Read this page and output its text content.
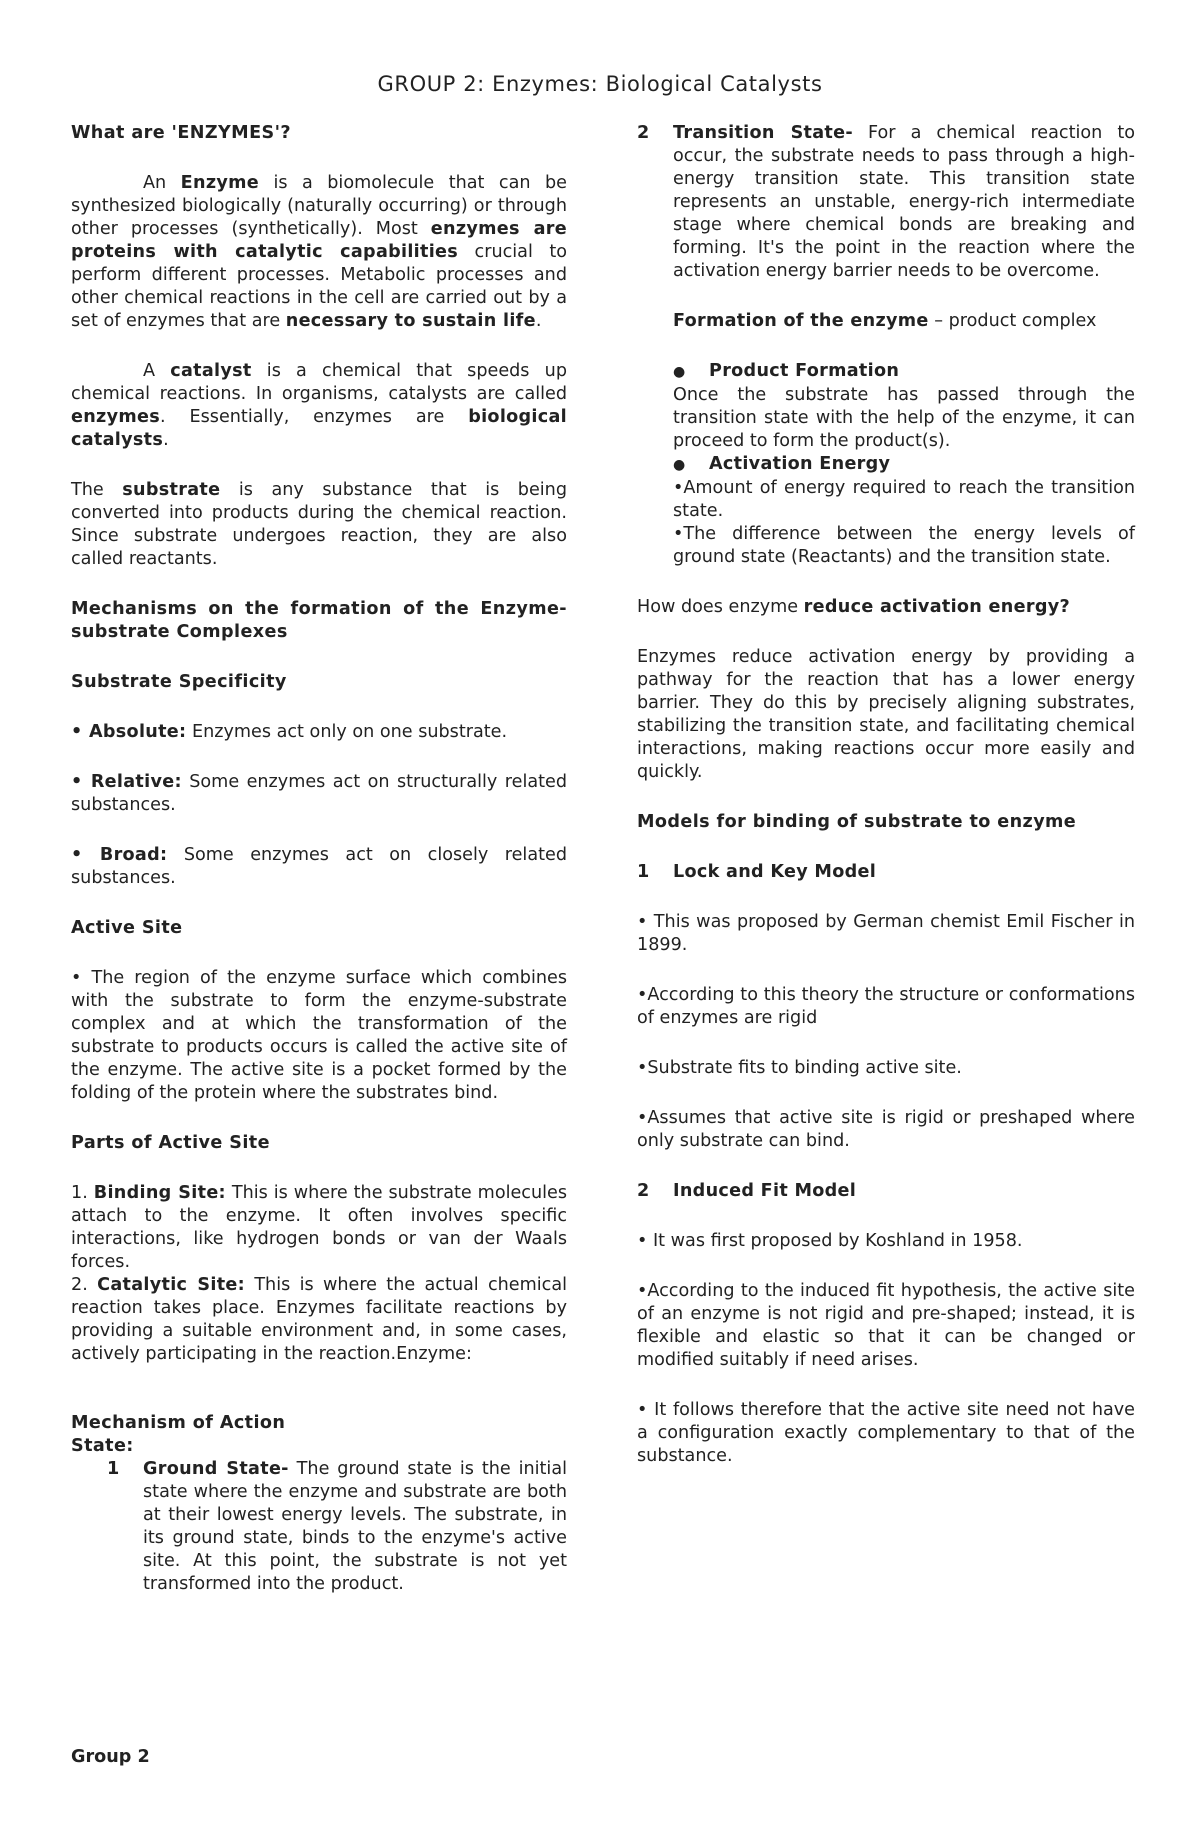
GROUP 2: Enzymes: Biological Catalysts

What are 'ENZYMES'?

An Enzyme is a biomolecule that can be synthesized biologically (naturally occurring) or through other processes (synthetically). Most enzymes are proteins with catalytic capabilities crucial to perform different processes. Metabolic processes and other chemical reactions in the cell are carried out by a set of enzymes that are necessary to sustain life.

A catalyst is a chemical that speeds up chemical reactions. In organisms, catalysts are called enzymes. Essentially, enzymes are biological catalysts.

The substrate is any substance that is being converted into products during the chemical reaction. Since substrate undergoes reaction, they are also called reactants.

Mechanisms on the formation of the Enzyme-substrate Complexes

Substrate Specificity

• Absolute: Enzymes act only on one substrate.

• Relative: Some enzymes act on structurally related substances.

• Broad: Some enzymes act on closely related substances.

Active Site

• The region of the enzyme surface which combines with the substrate to form the enzyme-substrate complex and at which the transformation of the substrate to products occurs is called the active site of the enzyme. The active site is a pocket formed by the folding of the protein where the substrates bind.

Parts of Active Site

1. Binding Site: This is where the substrate molecules attach to the enzyme. It often involves specific interactions, like hydrogen bonds or van der Waals forces.

2. Catalytic Site: This is where the actual chemical reaction takes place. Enzymes facilitate reactions by providing a suitable environment and, in some cases, actively participating in the reaction.Enzyme:

Mechanism of Action
State:
1	Ground State- The ground state is the initial state where the enzyme and substrate are both at their lowest energy levels. The substrate, in its ground state, binds to the enzyme's active site. At this point, the substrate is not yet transformed into the product.
2	Transition State- For a chemical reaction to occur, the substrate needs to pass through a high-energy transition state. This transition state represents an unstable, energy-rich intermediate stage where chemical bonds are breaking and forming. It's the point in the reaction where the activation energy barrier needs to be overcome.

Formation of the enzyme – product complex

●	Product Formation
Once the substrate has passed through the transition state with the help of the enzyme, it can proceed to form the product(s).
●	Activation Energy
•Amount of energy required to reach the transition state.

•The difference between the energy levels of ground state (Reactants) and the transition state.

How does enzyme reduce activation energy?

Enzymes reduce activation energy by providing a pathway for the reaction that has a lower energy barrier. They do this by precisely aligning substrates, stabilizing the transition state, and facilitating chemical interactions, making reactions occur more easily and quickly.

Models for binding of substrate to enzyme

1	Lock and Key Model

• This was proposed by German chemist Emil Fischer in 1899.

•According to this theory the structure or conformations of enzymes are rigid

•Substrate fits to binding active site.

•Assumes that active site is rigid or preshaped where only substrate can bind.

2	Induced Fit Model

• It was first proposed by Koshland in 1958.

•According to the induced fit hypothesis, the active site of an enzyme is not rigid and pre-shaped; instead, it is flexible and elastic so that it can be changed or modified suitably if need arises.

• It follows therefore that the active site need not have a configuration exactly complementary to that of the substance.

Group 2
